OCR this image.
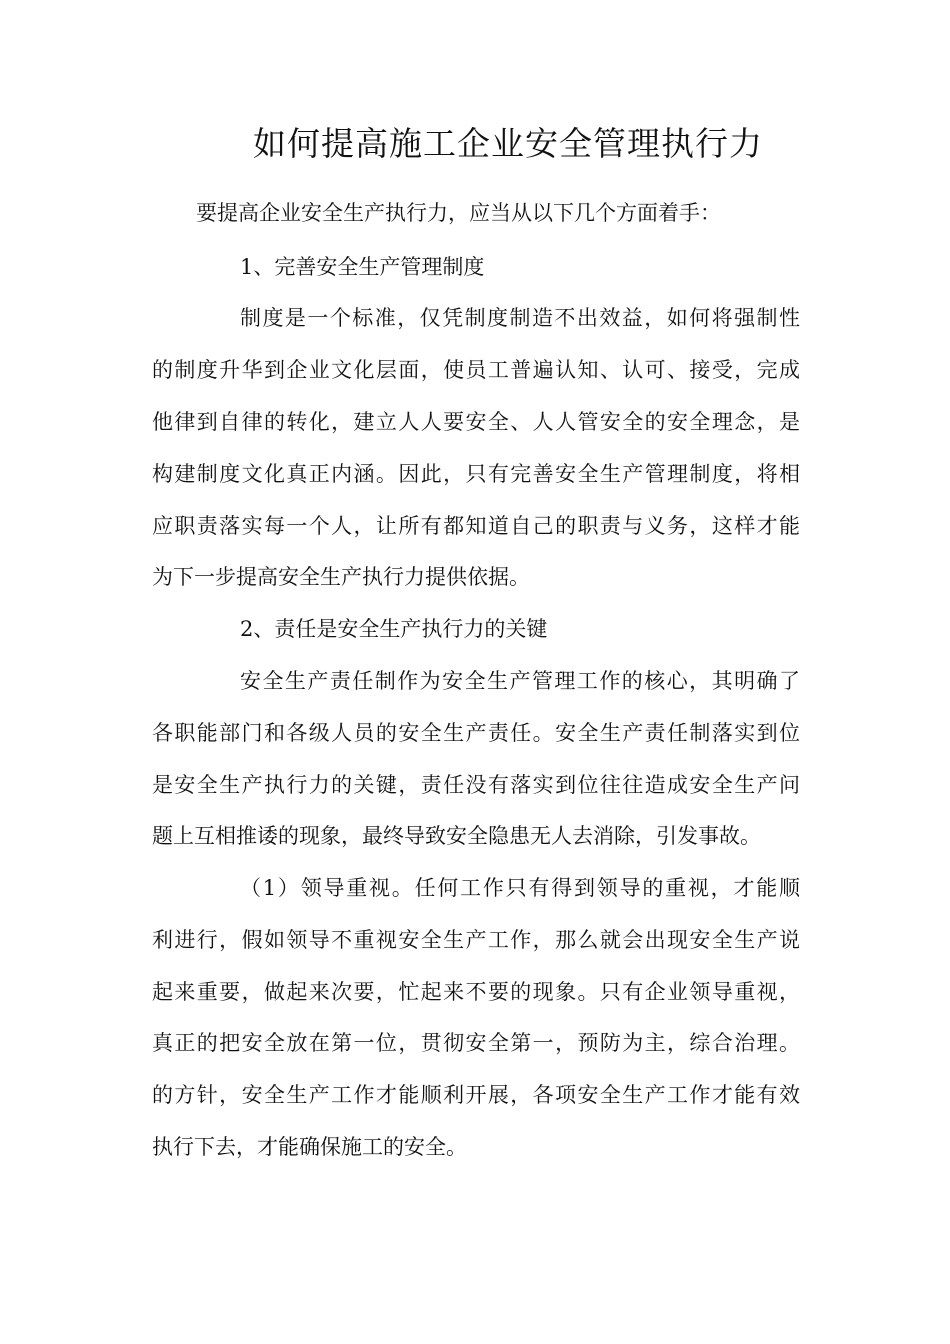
如何提高施工企业安全管理执行力
要提高企业安全生产执行力，应当从以下几个方面着手：
1、完善安全生产管理制度
制度是一个标准，仅凭制度制造不出效益，如何将强制性
的制度升华到企业文化层面，使员工普遍认知、认可、接受，完成
他律到自律的转化，建立人人要安全、人人管安全的安全理念，是
构建制度文化真正内涵。因此，只有完善安全生产管理制度，将相
应职责落实每一个人，让所有都知道自己的职责与义务，这样才能
为下一步提高安全生产执行力提供依据。
2、责任是安全生产执行力的关键
安全生产责任制作为安全生产管理工作的核心，其明确了
各职能部门和各级人员的安全生产责任。安全生产责任制落实到位
是安全生产执行力的关键，责任没有落实到位往往造成安全生产问
题上互相推诿的现象，最终导致安全隐患无人去消除，引发事故。
（1）领导重视。任何工作只有得到领导的重视，才能顺
利进行，假如领导不重视安全生产工作，那么就会出现安全生产说
起来重要，做起来次要，忙起来不要的现象。只有企业领导重视，
真正的把安全放在第一位，贯彻安全第一，预防为主，综合治理。
的方针，安全生产工作才能顺利开展，各项安全生产工作才能有效
执行下去，才能确保施工的安全。
